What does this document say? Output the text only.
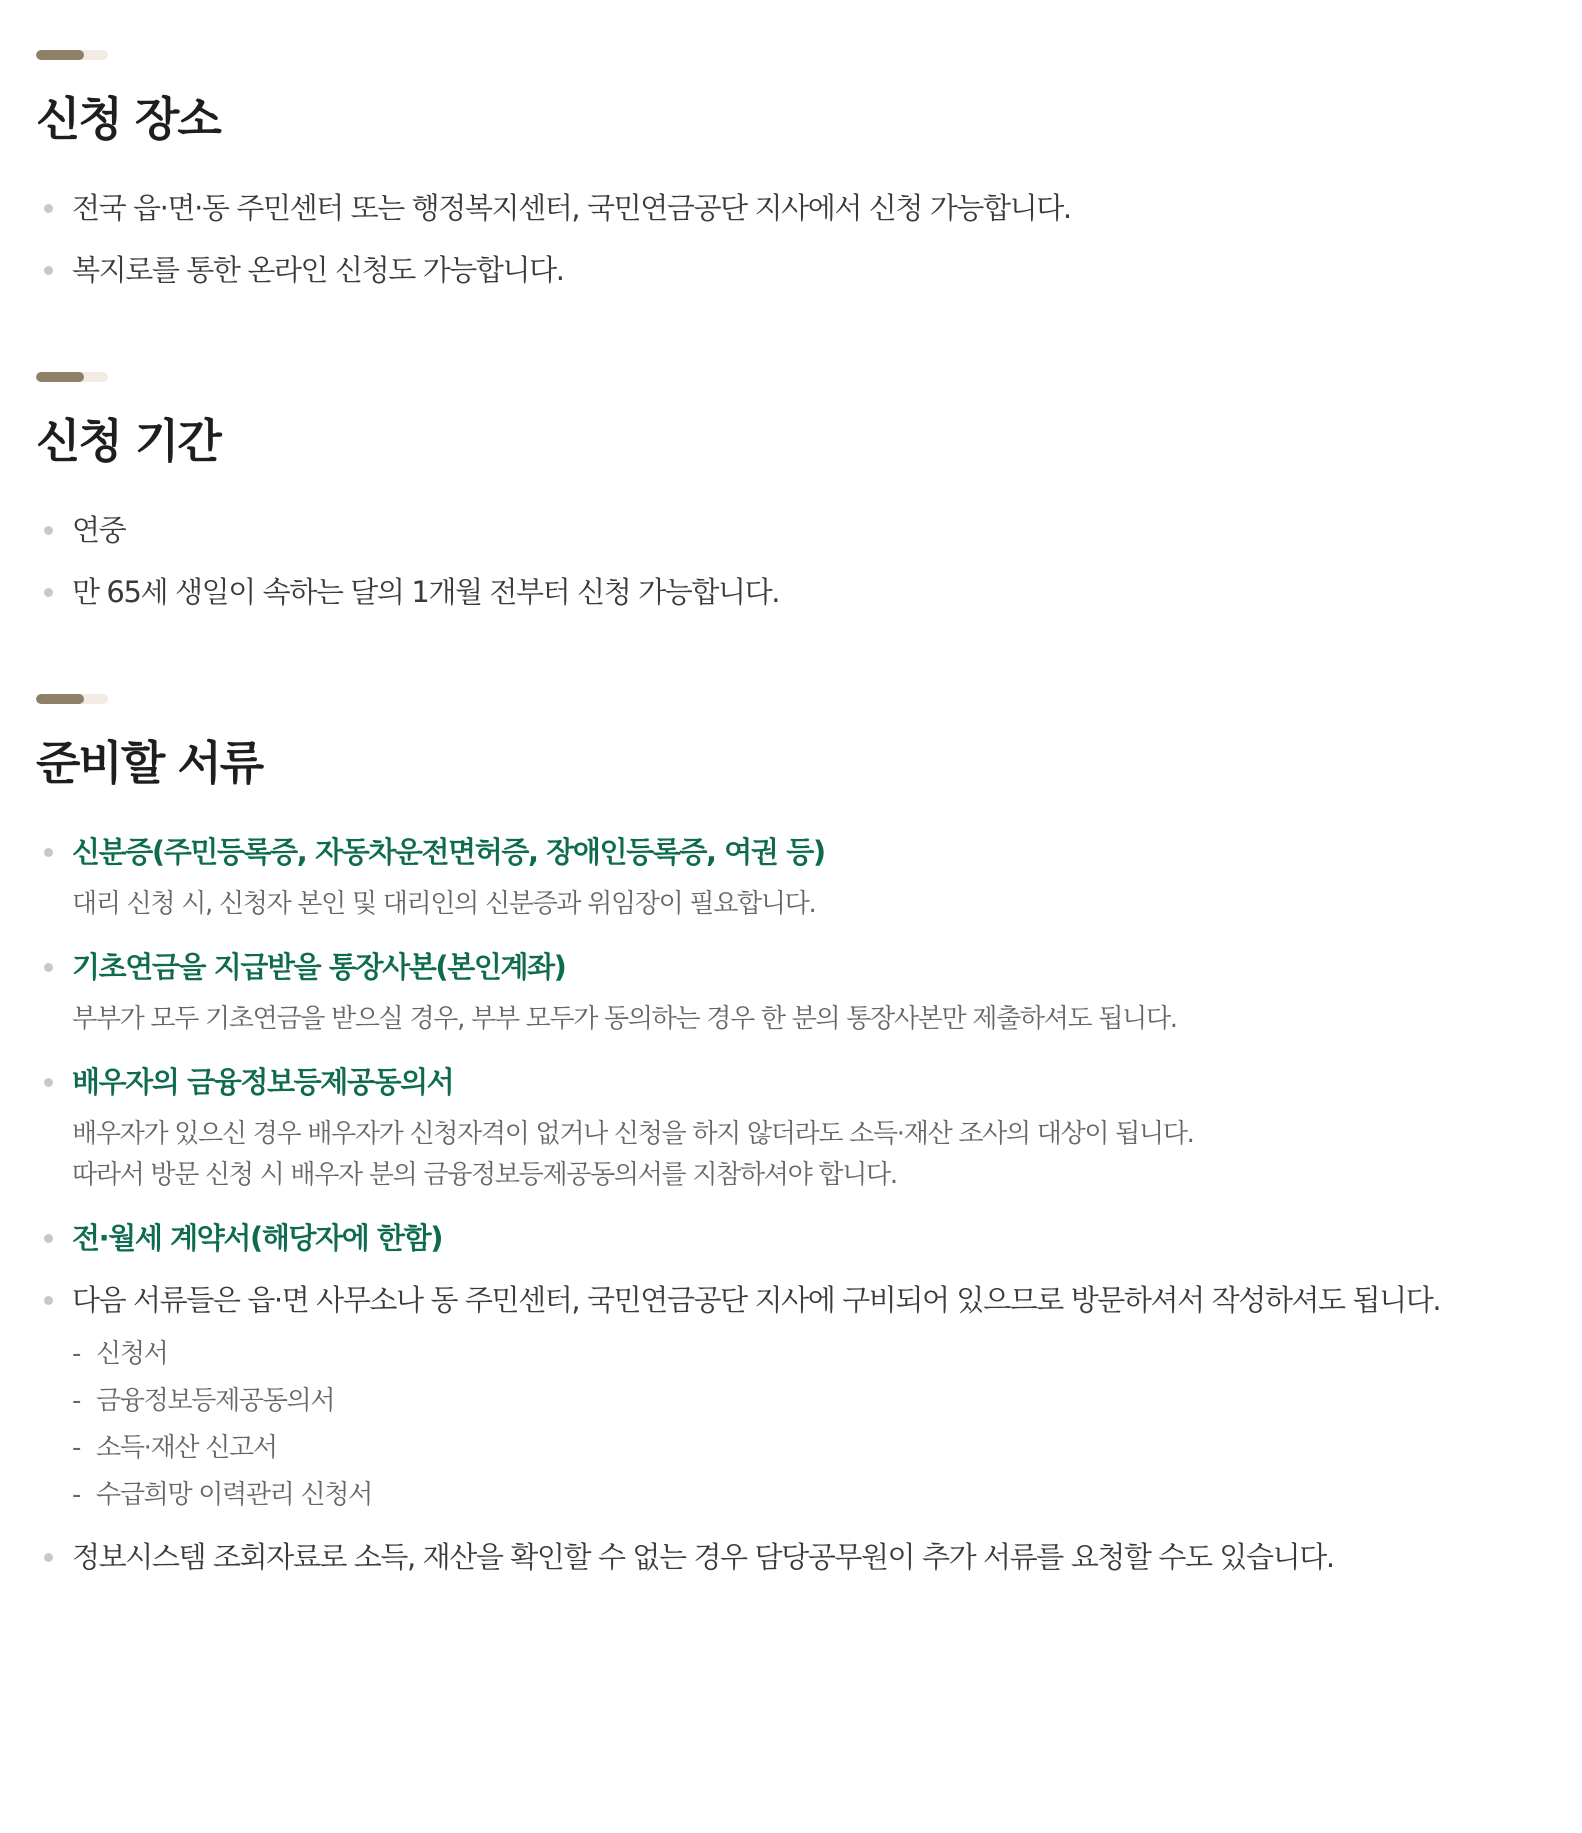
신청 장소
전국 읍·면·동 주민센터 또는 행정복지센터, 국민연금공단 지사에서 신청 가능합니다.
복지로를 통한 온라인 신청도 가능합니다.
신청 기간
연중
만 65세 생일이 속하는 달의 1개월 전부터 신청 가능합니다.
준비할 서류
신분증(주민등록증, 자동차운전면허증, 장애인등록증, 여권 등)
대리 신청 시, 신청자 본인 및 대리인의 신분증과 위임장이 필요합니다.
기초연금을 지급받을 통장사본(본인계좌)
부부가 모두 기초연금을 받으실 경우, 부부 모두가 동의하는 경우 한 분의 통장사본만 제출하셔도 됩니다.
배우자의 금융정보등제공동의서
배우자가 있으신 경우 배우자가 신청자격이 없거나 신청을 하지 않더라도 소득·재산 조사의 대상이 됩니다.
따라서 방문 신청 시 배우자 분의 금융정보등제공동의서를 지참하셔야 합니다.
전·월세 계약서(해당자에 한함)
다음 서류들은 읍·면 사무소나 동 주민센터, 국민연금공단 지사에 구비되어 있으므로 방문하셔서 작성하셔도 됩니다.
- 신청서
- 금융정보등제공동의서
- 소득·재산 신고서
- 수급희망 이력관리 신청서
정보시스템 조회자료로 소득, 재산을 확인할 수 없는 경우 담당공무원이 추가 서류를 요청할 수도 있습니다.
